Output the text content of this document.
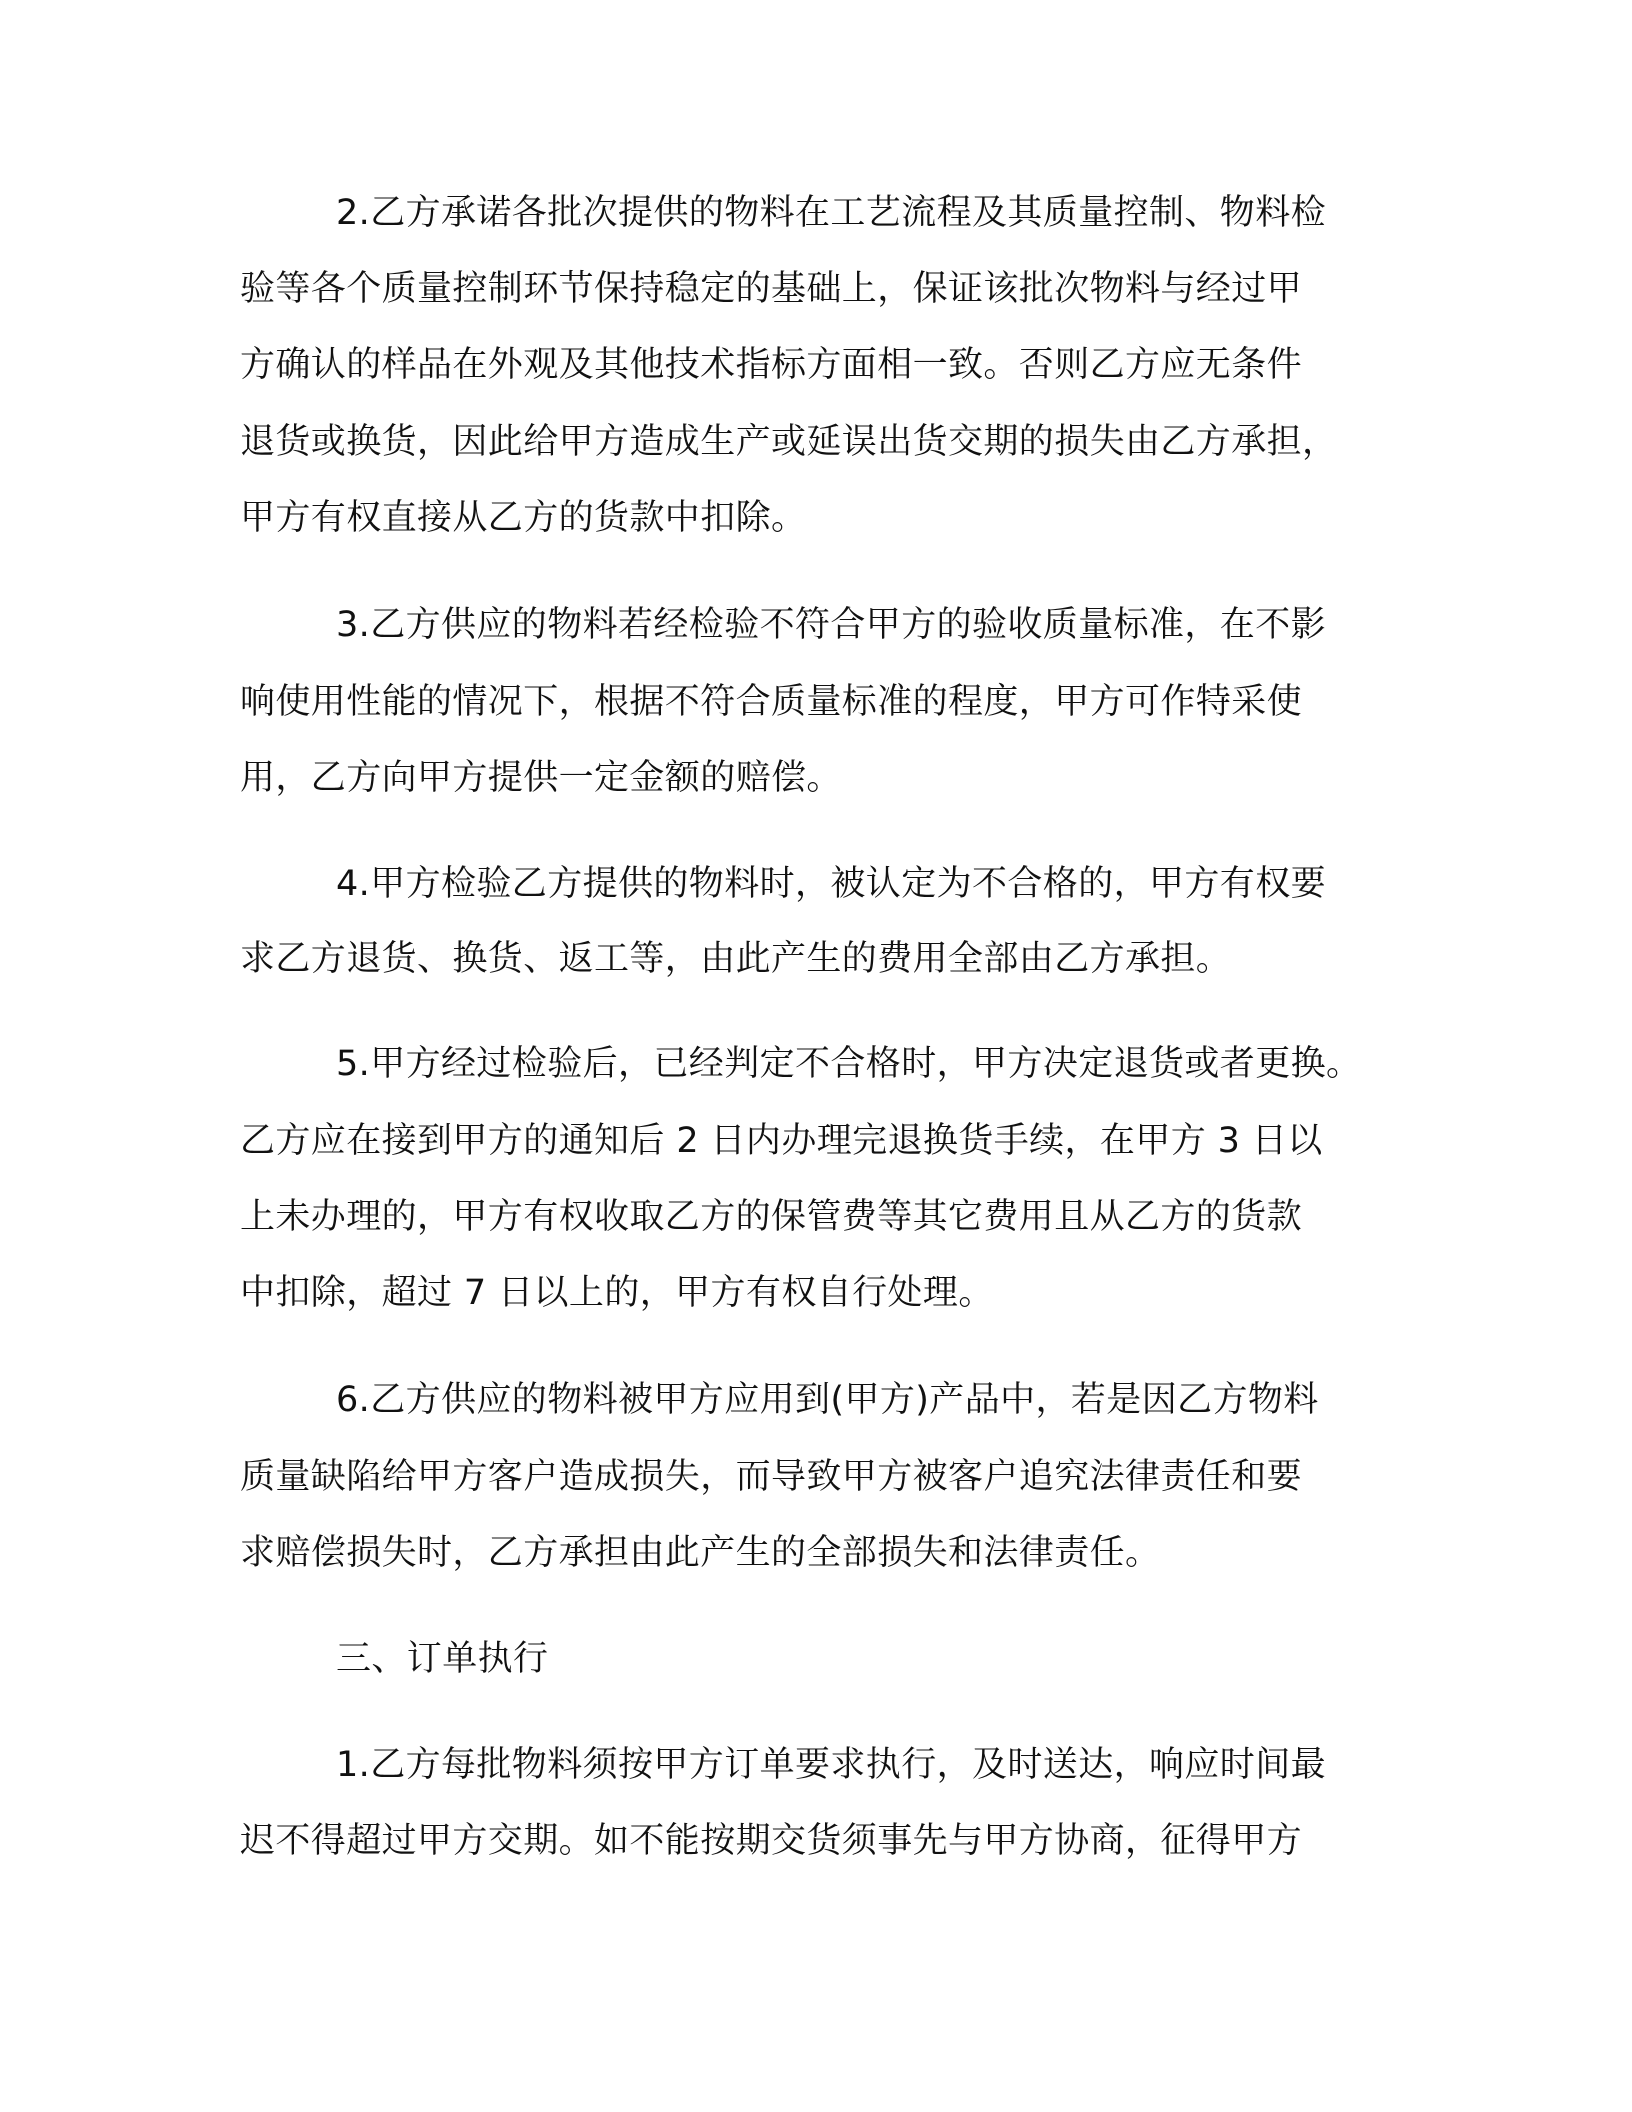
2.乙方承诺各批次提供的物料在工艺流程及其质量控制、物料检
验等各个质量控制环节保持稳定的基础上，保证该批次物料与经过甲
方确认的样品在外观及其他技术指标方面相一致。否则乙方应无条件
退货或换货，因此给甲方造成生产或延误出货交期的损失由乙方承担，
甲方有权直接从乙方的货款中扣除。
3.乙方供应的物料若经检验不符合甲方的验收质量标准，在不影
响使用性能的情况下，根据不符合质量标准的程度，甲方可作特采使
用，乙方向甲方提供一定金额的赔偿。
4.甲方检验乙方提供的物料时，被认定为不合格的，甲方有权要
求乙方退货、换货、返工等，由此产生的费用全部由乙方承担。
5.甲方经过检验后，已经判定不合格时，甲方决定退货或者更换。
乙方应在接到甲方的通知后 2 日内办理完退换货手续，在甲方 3 日以
上未办理的，甲方有权收取乙方的保管费等其它费用且从乙方的货款
中扣除，超过 7 日以上的，甲方有权自行处理。
6.乙方供应的物料被甲方应用到(甲方)产品中，若是因乙方物料
质量缺陷给甲方客户造成损失，而导致甲方被客户追究法律责任和要
求赔偿损失时，乙方承担由此产生的全部损失和法律责任。
三、订单执行
1.乙方每批物料须按甲方订单要求执行，及时送达，响应时间最
迟不得超过甲方交期。如不能按期交货须事先与甲方协商，征得甲方
